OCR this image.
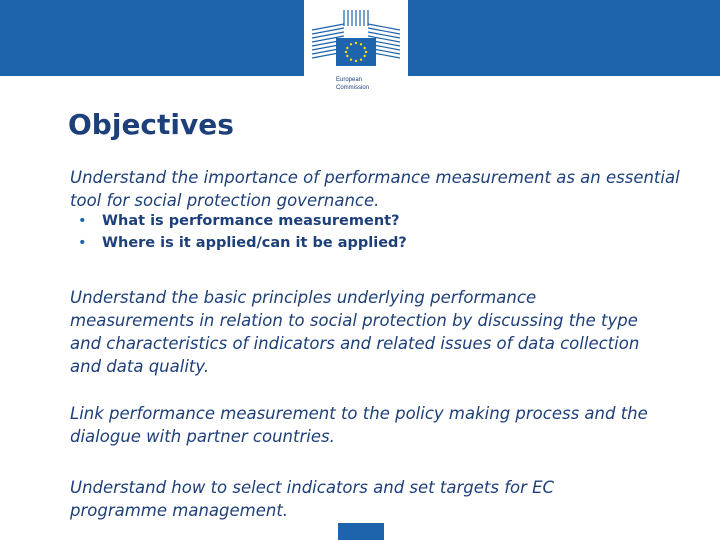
European
Commission
Objectives

Understand the importance of performance measurement as an essential tool for social protection governance.

• What is performance measurement?
• Where is it applied/can it be applied?

Understand the basic principles underlying performance measurements in relation to social protection by discussing the type and characteristics of indicators and related issues of data collection and data quality.

Link performance measurement to the policy making process and the dialogue with partner countries.

Understand how to select indicators and set targets for EC programme management.
